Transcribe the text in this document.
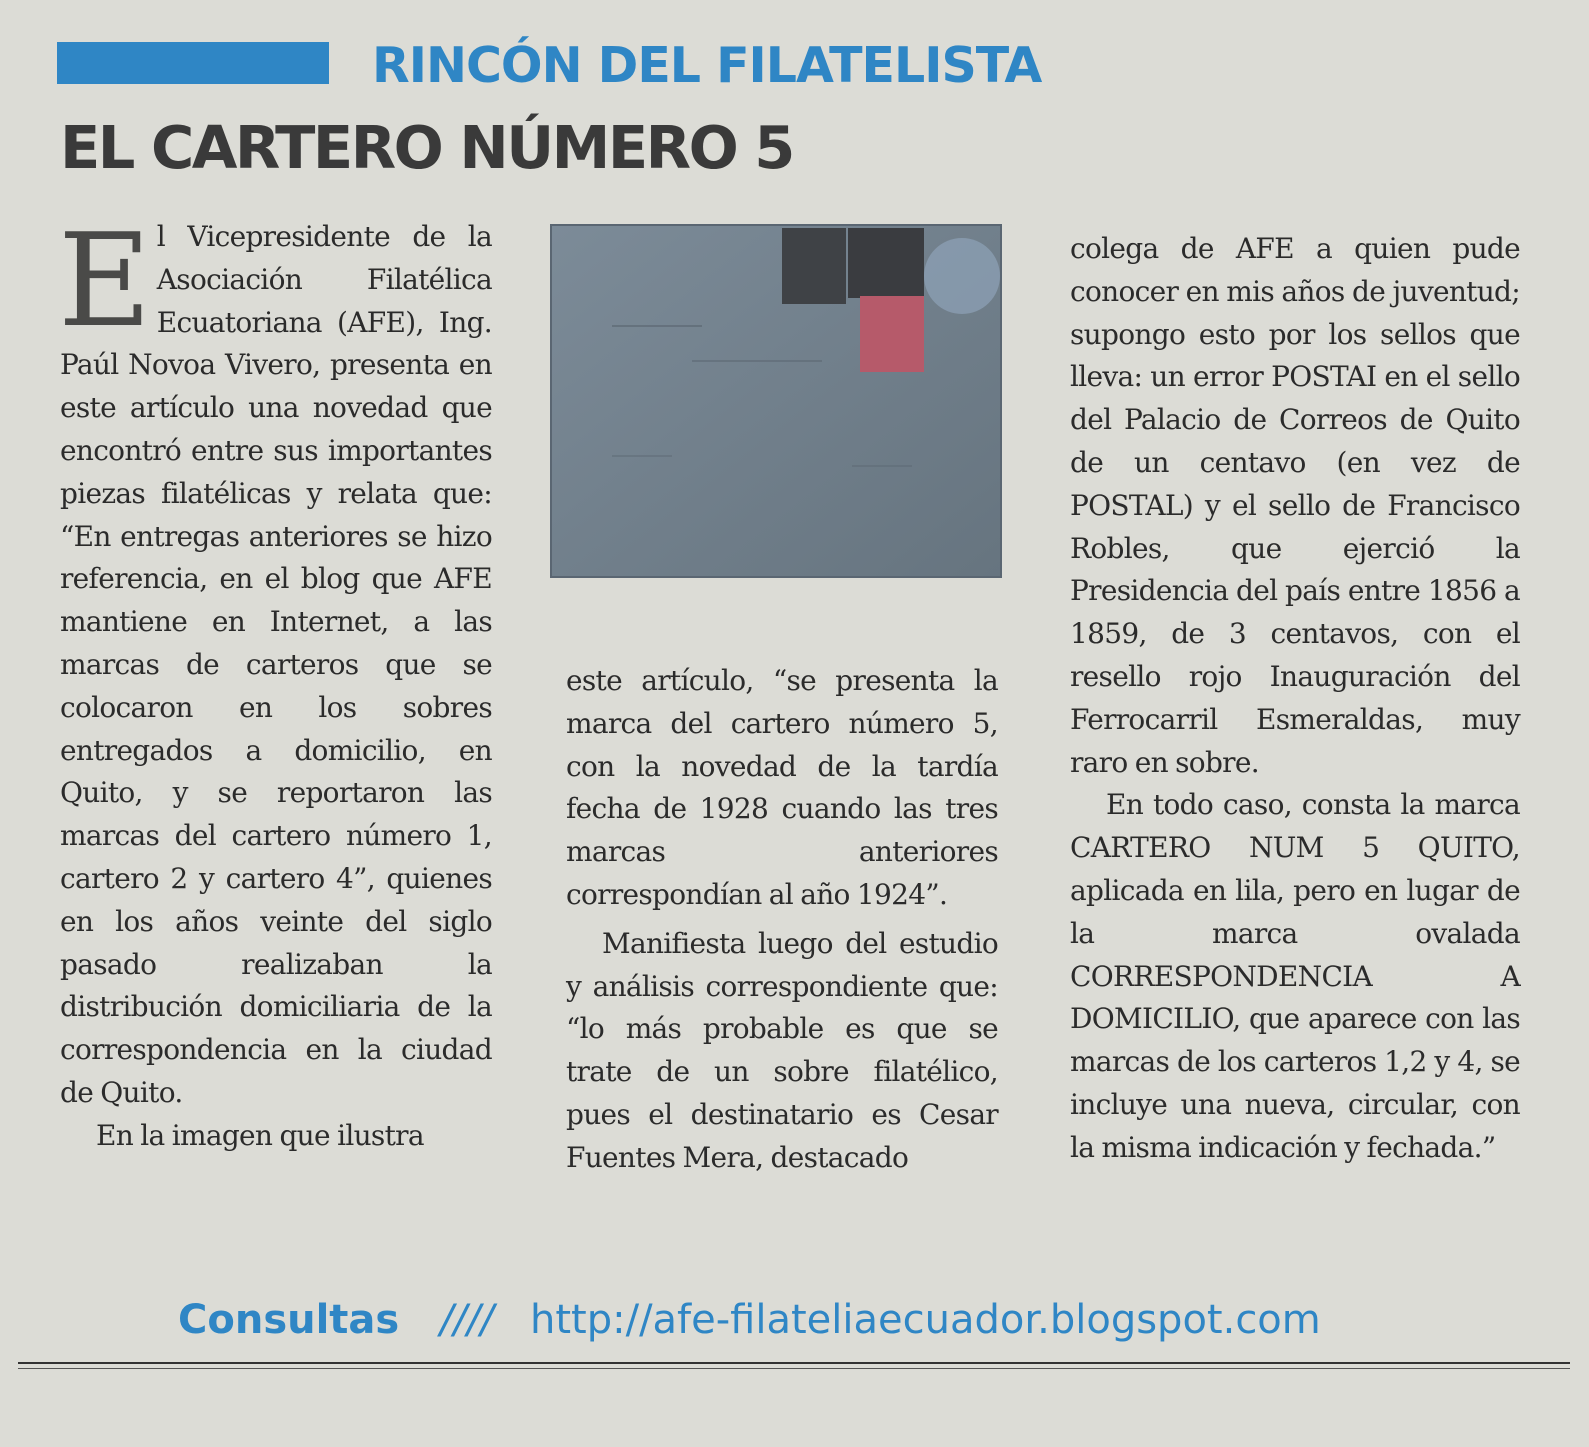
RINCÓN DEL FILATELISTA
EL CARTERO NÚMERO 5

El Vicepresidente de la Asociación Filatélica Ecuatoriana (AFE), Ing. Paúl Novoa Vivero, presenta en este artículo una novedad que encontró entre sus importantes piezas filatélicas y relata que: “En entregas anteriores se hizo referencia, en el blog que AFE mantiene en Internet, a las marcas de carteros que se colocaron en los sobres entregados a domicilio, en Quito, y se reportaron las marcas del cartero número 1, cartero 2 y cartero 4”, quienes en los años veinte del siglo pasado realizaban la distribución domiciliaria de la correspondencia en la ciudad de Quito.

En la imagen que ilustra

este artículo, “se presenta la marca del cartero número 5, con la novedad de la tardía fecha de 1928 cuando las tres marcas anteriores correspondían al año 1924”.

Manifiesta luego del estudio y análisis correspondiente que: “lo más probable es que se trate de un sobre filatélico, pues el destinatario es Cesar Fuentes Mera, destacado

colega de AFE a quien pude conocer en mis años de juventud; supongo esto por los sellos que lleva: un error POSTAI en el sello del Palacio de Correos de Quito de un centavo (en vez de POSTAL) y el sello de Francisco Robles, que ejerció la Presidencia del país entre 1856 a 1859, de 3 centavos, con el resello rojo Inauguración del Ferrocarril Esmeraldas, muy raro en sobre.

En todo caso, consta la marca CARTERO NUM 5 QUITO, aplicada en lila, pero en lugar de la marca ovalada CORRESPONDENCIA A DOMICILIO, que aparece con las marcas de los carteros 1,2 y 4, se incluye una nueva, circular, con la misma indicación y fechada.”

Consultas //// http://afe-filateliaecuador.blogspot.com
